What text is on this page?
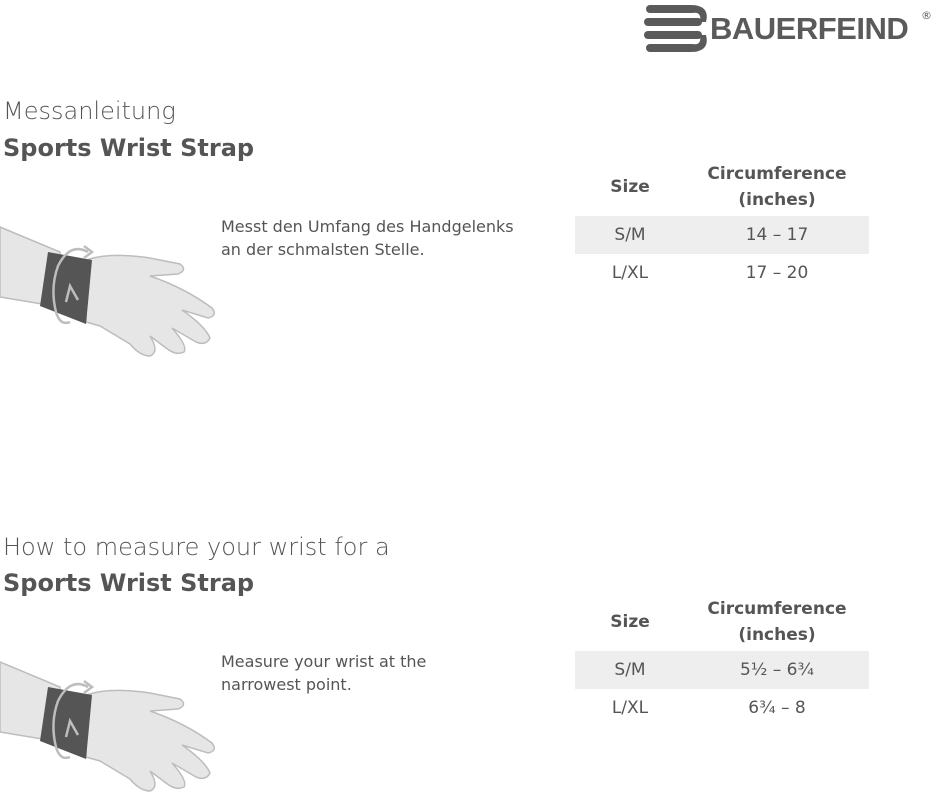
BAUERFEIND ®
Messanleitung
Sports Wrist Strap
Messt den Umfang des Handgelenks
an der schmalsten Stelle.
Size	Circumference
(inches)
S/M	14 – 17
L/XL	17 – 20
How to measure your wrist for a
Sports Wrist Strap
Measure your wrist at the
narrowest point.
Size	Circumference
(inches)
S/M	5½ – 6¾
L/XL	6¾ – 8
